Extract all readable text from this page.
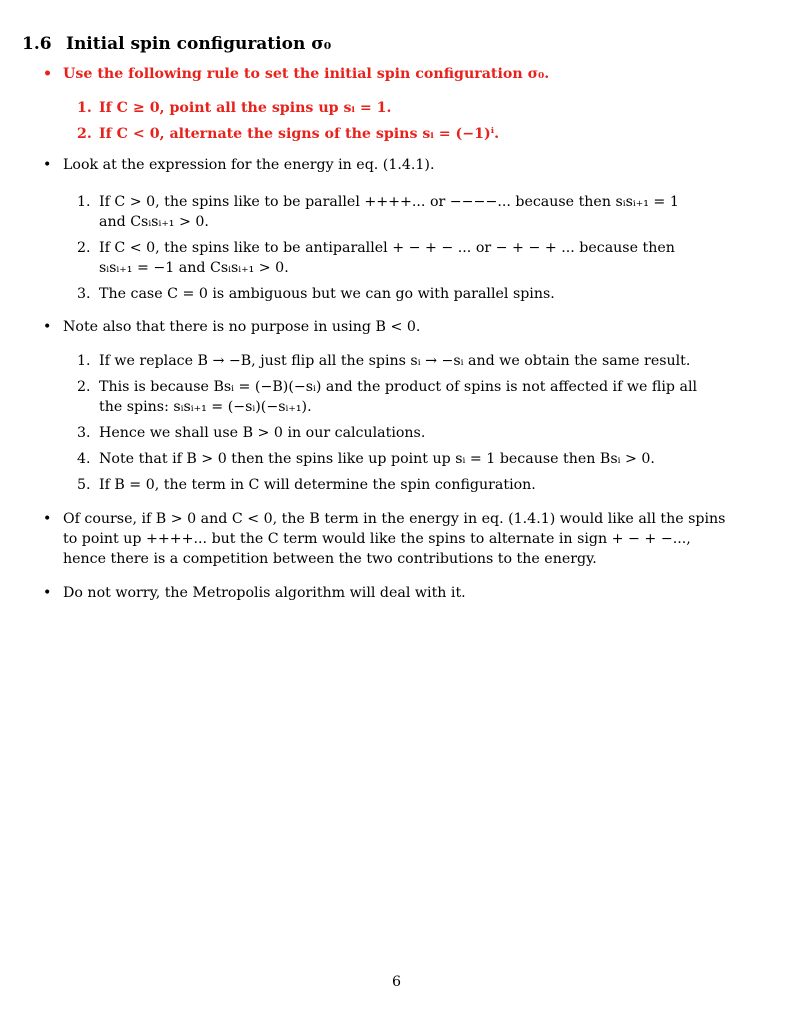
1.6 Initial spin configuration σ₀
• Use the following rule to set the initial spin configuration σ₀.
1. If C ≥ 0, point all the spins up sᵢ = 1.
2. If C < 0, alternate the signs of the spins sᵢ = (−1)ⁱ.
• Look at the expression for the energy in eq. (1.4.1).
1. If C > 0, the spins like to be parallel ++++... or −−−−... because then sᵢsᵢ₊₁ = 1
and Csᵢsᵢ₊₁ > 0.
2. If C < 0, the spins like to be antiparallel + − + − ... or − + − + ... because then
sᵢsᵢ₊₁ = −1 and Csᵢsᵢ₊₁ > 0.
3. The case C = 0 is ambiguous but we can go with parallel spins.
• Note also that there is no purpose in using B < 0.
1. If we replace B → −B, just flip all the spins sᵢ → −sᵢ and we obtain the same result.
2. This is because Bsᵢ = (−B)(−sᵢ) and the product of spins is not affected if we flip all
the spins: sᵢsᵢ₊₁ = (−sᵢ)(−sᵢ₊₁).
3. Hence we shall use B > 0 in our calculations.
4. Note that if B > 0 then the spins like up point up sᵢ = 1 because then Bsᵢ > 0.
5. If B = 0, the term in C will determine the spin configuration.
• Of course, if B > 0 and C < 0, the B term in the energy in eq. (1.4.1) would like all the spins
to point up ++++... but the C term would like the spins to alternate in sign + − + −...,
hence there is a competition between the two contributions to the energy.
• Do not worry, the Metropolis algorithm will deal with it.
6
